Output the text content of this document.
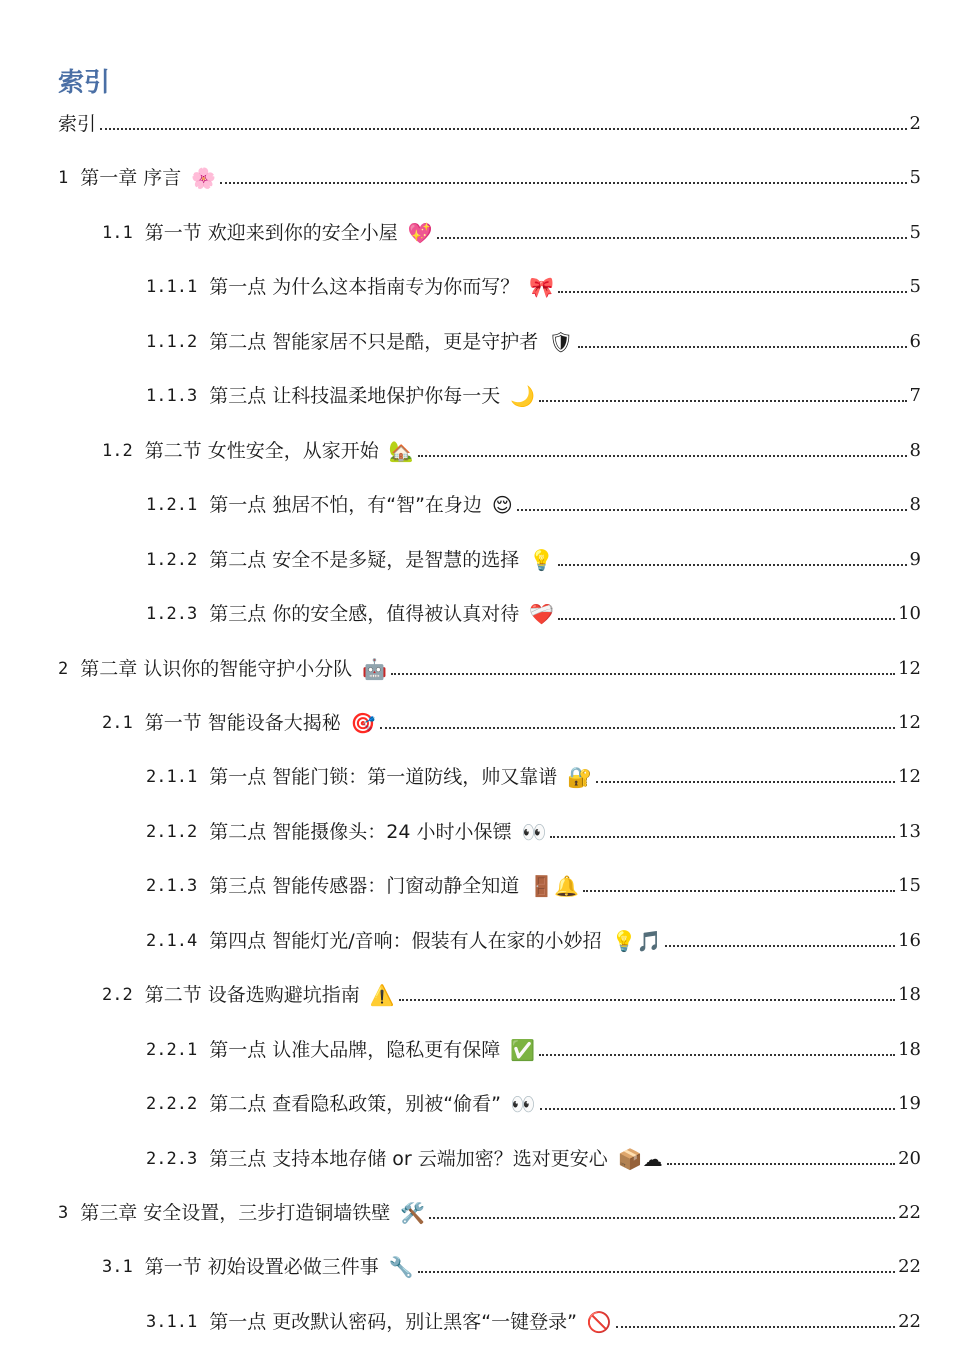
索引
索引	2
1 第一章 序言 🌸	5
1.1 第一节 欢迎来到你的安全小屋 💖	5
1.1.1 第一点 为什么这本指南专为你而写？ 🎀	5
1.1.2 第二点 智能家居不只是酷，更是守护者 🛡	6
1.1.3 第三点 让科技温柔地保护你每一天 🌙	7
1.2 第二节 女性安全，从家开始 🏡	8
1.2.1 第一点 独居不怕，有“智”在身边 😌	8
1.2.2 第二点 安全不是多疑，是智慧的选择 💡	9
1.2.3 第三点 你的安全感，值得被认真对待 ❤️‍🩹	10
2 第二章 认识你的智能守护小分队 🤖	12
2.1 第一节 智能设备大揭秘 🎯	12
2.1.1 第一点 智能门锁：第一道防线，帅又靠谱 🔐	12
2.1.2 第二点 智能摄像头：24 小时小保镖 👀	13
2.1.3 第三点 智能传感器：门窗动静全知道 🚪🔔	15
2.1.4 第四点 智能灯光/音响：假装有人在家的小妙招 💡🎵	16
2.2 第二节 设备选购避坑指南 ⚠️	18
2.2.1 第一点 认准大品牌，隐私更有保障 ✅	18
2.2.2 第二点 查看隐私政策，别被“偷看” 👀	19
2.2.3 第三点 支持本地存储 or 云端加密？选对更安心 📦☁	20
3 第三章 安全设置，三步打造铜墙铁壁 🛠️	22
3.1 第一节 初始设置必做三件事 🔧	22
3.1.1 第一点 更改默认密码，别让黑客“一键登录” 🚫	22
